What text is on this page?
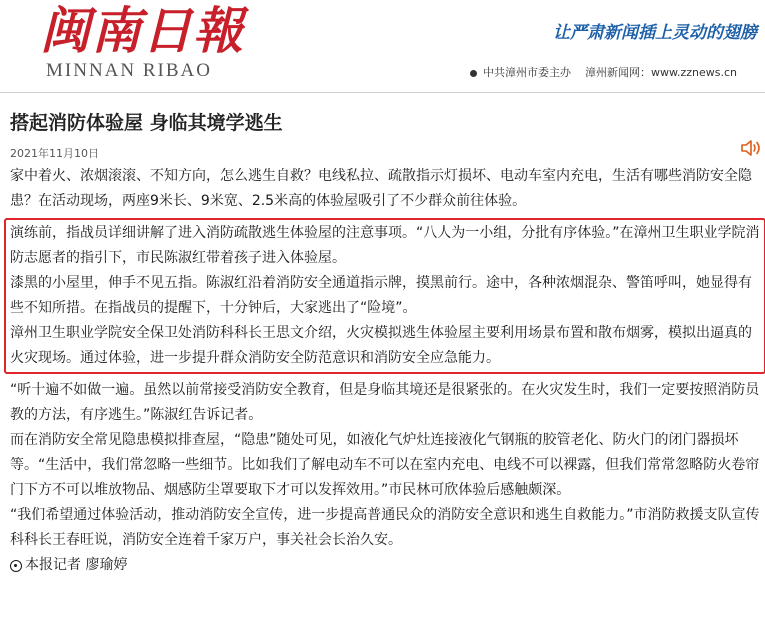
闽南日報
MINNAN RIBAO
让严肃新闻插上灵动的翅膀
中共漳州市委主办 漳州新闻网：www.zznews.cn
搭起消防体验屋 身临其境学逃生
2021年11月10日

家中着火、浓烟滚滚、不知方向，怎么逃生自救？电线私拉、疏散指示灯损坏、电动车室内充电，生活有哪些消防安全隐患？在活动现场，两座9米长、9米宽、2.5米高的体验屋吸引了不少群众前往体验。

演练前，指战员详细讲解了进入消防疏散逃生体验屋的注意事项。“八人为一小组，分批有序体验。”在漳州卫生职业学院消防志愿者的指引下，市民陈淑红带着孩子进入体验屋。

漆黑的小屋里，伸手不见五指。陈淑红沿着消防安全通道指示牌，摸黑前行。途中，各种浓烟混杂、警笛呼叫，她显得有些不知所措。在指战员的提醒下，十分钟后，大家逃出了“险境”。

漳州卫生职业学院安全保卫处消防科科长王思文介绍，火灾模拟逃生体验屋主要利用场景布置和散布烟雾，模拟出逼真的火灾现场。通过体验，进一步提升群众消防安全防范意识和消防安全应急能力。

“听十遍不如做一遍。虽然以前常接受消防安全教育，但是身临其境还是很紧张的。在火灾发生时，我们一定要按照消防员教的方法，有序逃生。”陈淑红告诉记者。

而在消防安全常见隐患模拟排查屋，“隐患”随处可见，如液化气炉灶连接液化气钢瓶的胶管老化、防火门的闭门器损坏等。“生活中，我们常忽略一些细节。比如我们了解电动车不可以在室内充电、电线不可以裸露，但我们常常忽略防火卷帘门下方不可以堆放物品、烟感防尘罩要取下才可以发挥效用。”市民林可欣体验后感触颇深。

“我们希望通过体验活动，推动消防安全宣传，进一步提高普通民众的消防安全意识和逃生自救能力。”市消防救援支队宣传科科长王春旺说，消防安全连着千家万户，事关社会长治久安。

本报记者 廖瑜婷
